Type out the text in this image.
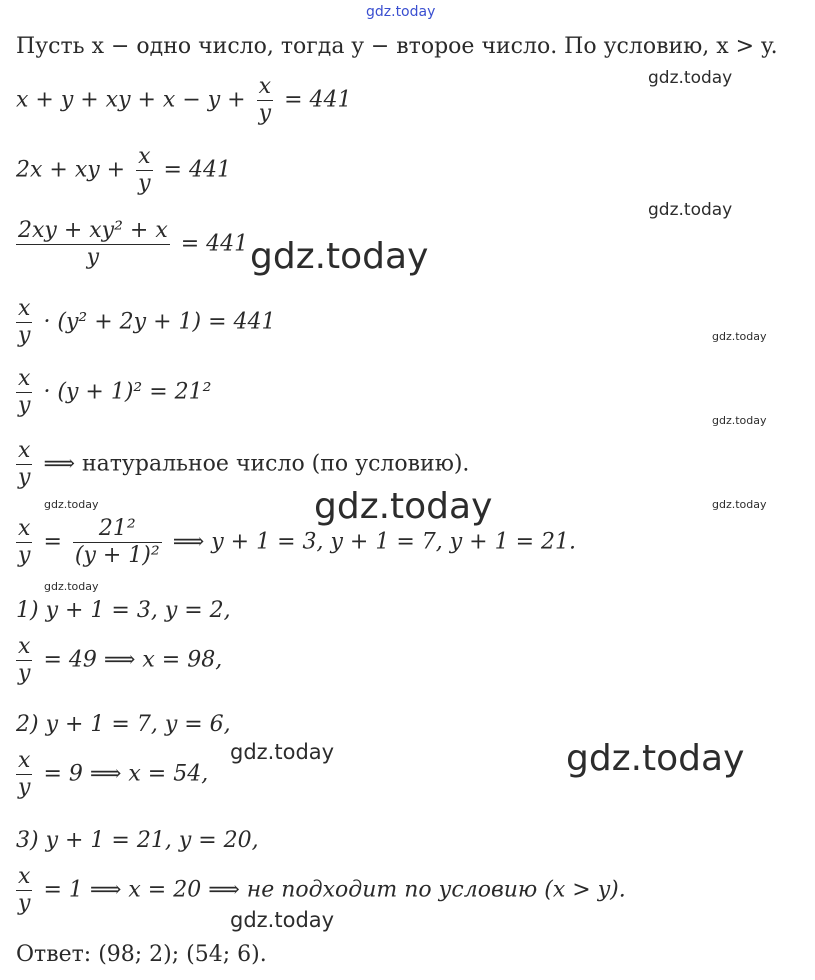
Пусть x − одно число, тогда y − второе число. По условию, x > y.
x + y + xy + $x - y + \frac{x}{y} = 441$
2x + xy + $\frac{x}{y} = 441$
$\frac{\text{2xy + xy² + x}}{y} = 441$
$\frac{x}{y} \cdot (y^2 + 2y + 1) = 441$
$\frac{x}{y} \cdot (y + 1)^2 = 21^2$
$\frac{x}{y}$ ⟹ натуральное число (по условию).
$\frac{x}{y} = \frac{\text{21²}}{\text{(y + 1)²}}$ ⟹ y + 1 = 3, y + 1 = 7, y + 1 = 21.
1) y + 1 = 3, y = 2,
$\frac{x}{y} = 49$ ⟹ x = 98,
2) y + 1 = 7, y = 6,
$\frac{x}{y} = 9$ ⟹ x = 54,
3) y + 1 = 21, y = 20,
$\frac{x}{y} = 1$ ⟹ x = 20 ⟹ не подходит по условию (x > y).
Ответ: (98; 2); (54; 6).
gdz.today
gdz.today
gdz.today
gdz.today
gdz.today
gdz.today
gdz.today	gdz.today	gdz.today
gdz.today
gdz.today	gdz.today
gdz.today
